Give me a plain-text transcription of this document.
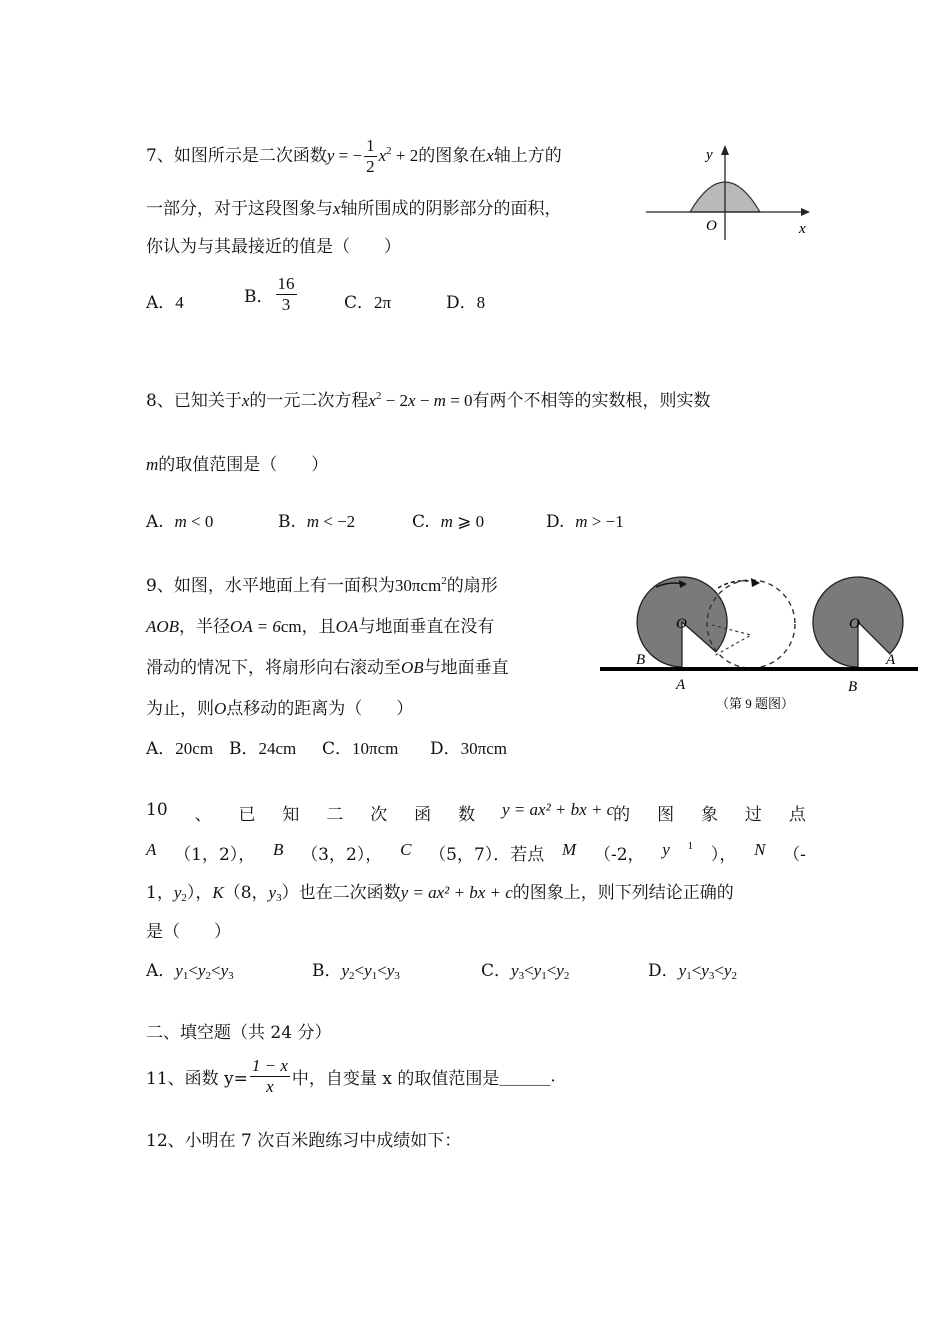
7、如图所示是二次函数y = − $\frac{1}{2} x^2 + 2$的图象在x轴上方的
一部分，对于这段图象与x轴所围成的阴影部分的面积，
你认为与其最接近的值是（　　）
y
x
O
A．4	B． $\frac{16}{3}$	C．2π	D．8
8、已知关于x的一元二次方程$x^2 - 2x - m = 0$有两个不相等的实数根，则实数
m的取值范围是（　　）
A. m < 0	B. m < −2	C. m ⩾ 0	D. m > −1
9、如图，水平地面上有一面积为30πcm$^2$的扇形
AOB，半径OA = 6cm，且OA与地面垂直在没有
滑动的情况下，将扇形向右滚动至OB与地面垂直
为止，则O点移动的距离为（　　）
O
B
A
O
A
B
（第 9 题图）
A．20cm B．24cm C．10πcm D．30πcm
10 、 已 知 二 次 函 数 y = ax² + bx + c
的 图 象 过 点
A （1，2）， B （3，2）， C （5，7）．若点 M （-2， y 1 ）， N （-
1，$y_2$），K（8，$y_3$）也在二次函数y = ax² + bx + c的图象上，则下列结论正确的
是（　　）
A．$y_1<y_2<y_3$	B．$y_2<y_1<y_3$	C．$y_3<y_1<y_2$	D．$y_1<y_3<y_2$
二、填空题（共 24 分）
11、函数 $y= \frac{1 - x}{x}$ 中，自变量 x 的取值范围是______.
12、小明在 7 次百米跑练习中成绩如下：
